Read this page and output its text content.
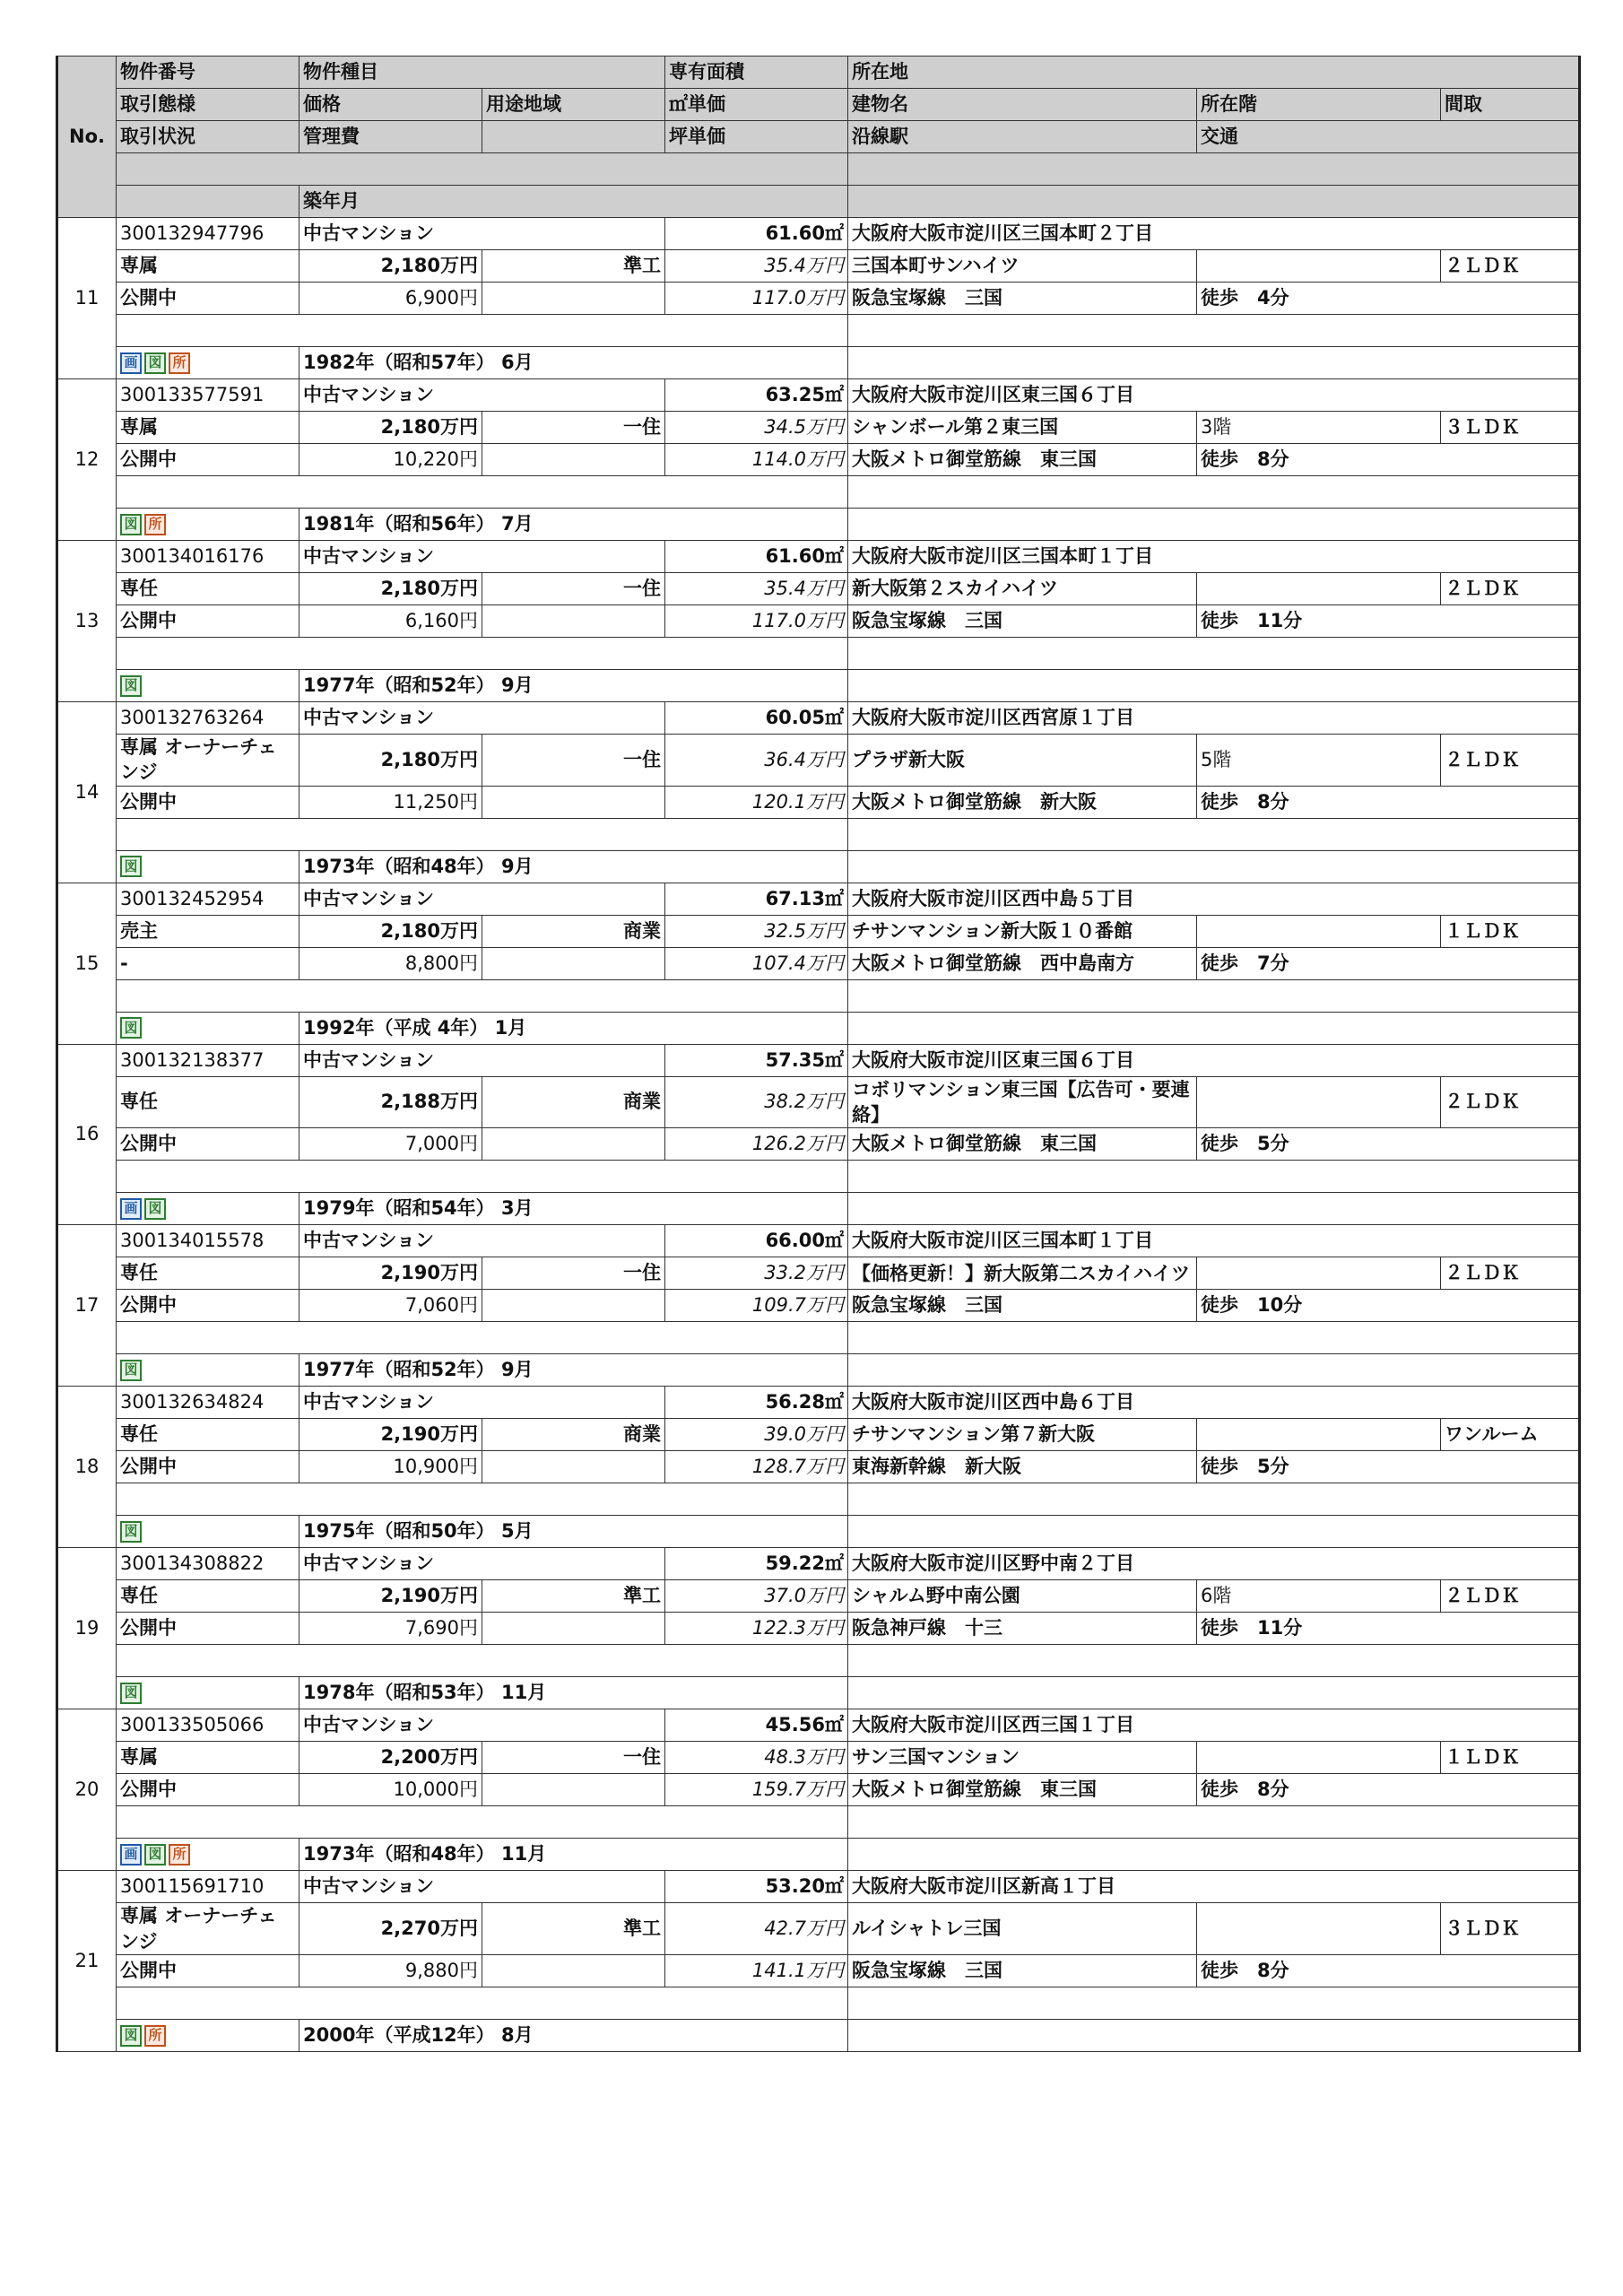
No.	物件番号	物件種目		専有面積	所在地		
	取引態様	価格	用途地域	㎡単価	建物名	所在階	間取
	取引状況	管理費		坪単価	沿線駅	交通	

		築年月					
11	300132947796	中古マンション		61.60㎡	大阪府大阪市淀川区三国本町２丁目		
	専属	2,180万円	準工	35.4万円	三国本町サンハイツ		２ＬＤＫ
	公開中	6,900円		117.0万円	阪急宝塚線　三国	徒歩　4分	

画 図 所	1982年（昭和57年） 6月					
12	300133577591	中古マンション		63.25㎡	大阪府大阪市淀川区東三国６丁目		
	専属	2,180万円	一住	34.5万円	シャンボール第２東三国	3階	３ＬＤＫ
	公開中	10,220円		114.0万円	大阪メトロ御堂筋線　東三国	徒歩　8分	

図 所	1981年（昭和56年） 7月					
13	300134016176	中古マンション		61.60㎡	大阪府大阪市淀川区三国本町１丁目		
	専任	2,180万円	一住	35.4万円	新大阪第２スカイハイツ		２ＬＤＫ
	公開中	6,160円		117.0万円	阪急宝塚線　三国	徒歩　11分	

図	1977年（昭和52年） 9月					
14	300132763264	中古マンション		60.05㎡	大阪府大阪市淀川区西宮原１丁目		
	専属 オーナーチェンジ	2,180万円	一住	36.4万円	プラザ新大阪	5階	２ＬＤＫ
	公開中	11,250円		120.1万円	大阪メトロ御堂筋線　新大阪	徒歩　8分	

図	1973年（昭和48年） 9月					
15	300132452954	中古マンション		67.13㎡	大阪府大阪市淀川区西中島５丁目		
	売主	2,180万円	商業	32.5万円	チサンマンション新大阪１０番館		１ＬＤＫ
	-	8,800円		107.4万円	大阪メトロ御堂筋線　西中島南方	徒歩　7分	

図	1992年（平成 4年） 1月					
16	300132138377	中古マンション		57.35㎡	大阪府大阪市淀川区東三国６丁目		
	専任	2,188万円	商業	38.2万円	コボリマンション東三国【広告可・要連絡】		２ＬＤＫ
	公開中	7,000円		126.2万円	大阪メトロ御堂筋線　東三国	徒歩　5分	

画 図	1979年（昭和54年） 3月					
17	300134015578	中古マンション		66.00㎡	大阪府大阪市淀川区三国本町１丁目		
	専任	2,190万円	一住	33.2万円	【価格更新！】新大阪第二スカイハイツ		２ＬＤＫ
	公開中	7,060円		109.7万円	阪急宝塚線　三国	徒歩　10分	

図	1977年（昭和52年） 9月					
18	300132634824	中古マンション		56.28㎡	大阪府大阪市淀川区西中島６丁目		
	専任	2,190万円	商業	39.0万円	チサンマンション第７新大阪		ワンルーム
	公開中	10,900円		128.7万円	東海新幹線　新大阪	徒歩　5分	

図	1975年（昭和50年） 5月					
19	300134308822	中古マンション		59.22㎡	大阪府大阪市淀川区野中南２丁目		
	専任	2,190万円	準工	37.0万円	シャルム野中南公園	6階	２ＬＤＫ
	公開中	7,690円		122.3万円	阪急神戸線　十三	徒歩　11分	

図	1978年（昭和53年） 11月					
20	300133505066	中古マンション		45.56㎡	大阪府大阪市淀川区西三国１丁目		
	専属	2,200万円	一住	48.3万円	サン三国マンション		１ＬＤＫ
	公開中	10,000円		159.7万円	大阪メトロ御堂筋線　東三国	徒歩　8分	

画 図 所	1973年（昭和48年） 11月					
21	300115691710	中古マンション		53.20㎡	大阪府大阪市淀川区新高１丁目		
	専属 オーナーチェンジ	2,270万円	準工	42.7万円	ルイシャトレ三国		３ＬＤＫ
	公開中	9,880円		141.1万円	阪急宝塚線　三国	徒歩　8分	

図 所	2000年（平成12年） 8月					
